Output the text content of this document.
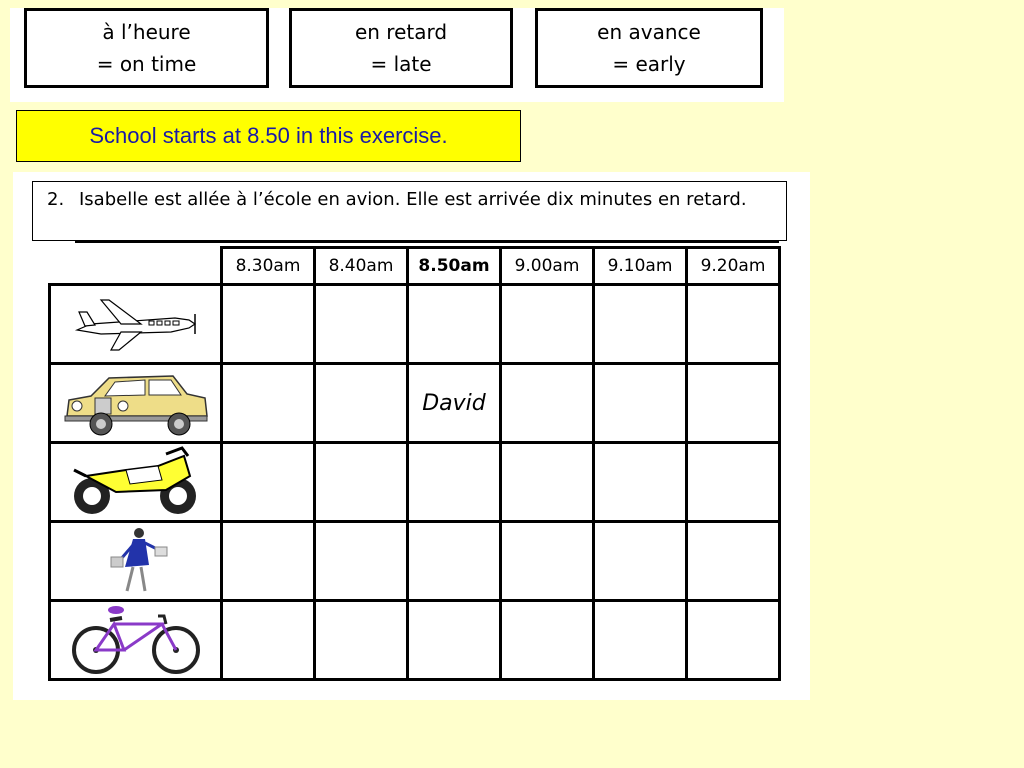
à l’heure
= on time
en retard
= late
en avance
= early
School starts at 8.50 in this exercise.
2. Isabelle est allée à l’école en avion. Elle est arrivée dix minutes en retard.
	8.30am	8.40am	8.50am	9.00am	9.10am	9.20am

			David			
